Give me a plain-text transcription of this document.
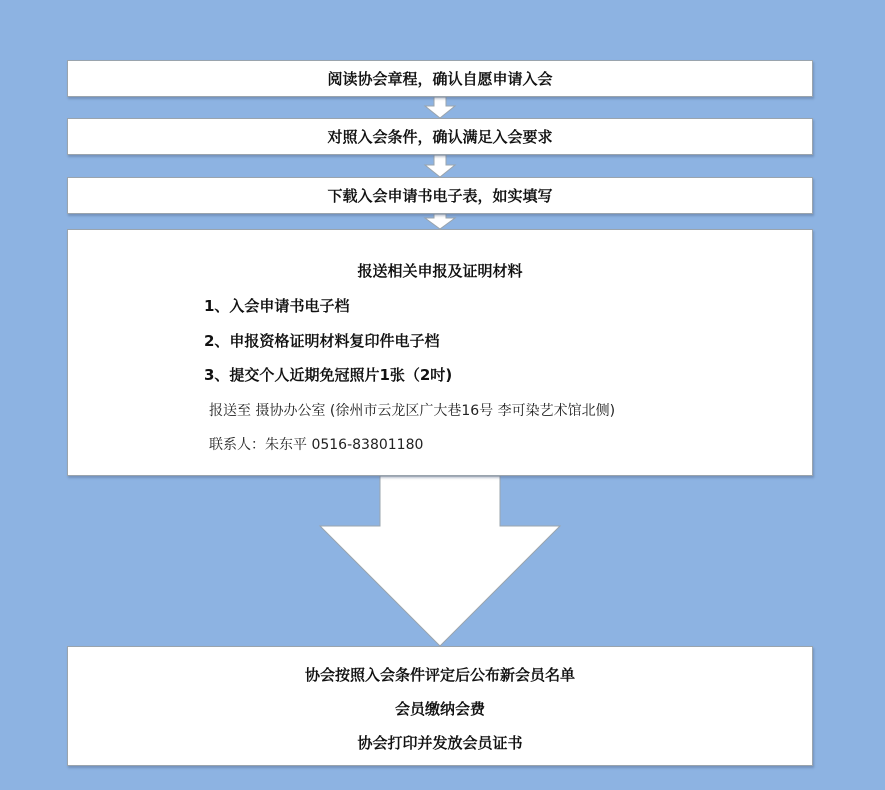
阅读协会章程，确认自愿申请入会
对照入会条件，确认满足入会要求
下载入会申请书电子表，如实填写
报送相关申报及证明材料
1、入会申请书电子档
2、申报资格证明材料复印件电子档
3、提交个人近期免冠照片1张（2吋)
报送至 摄协办公室 (徐州市云龙区广大巷16号 李可染艺术馆北侧)
联系人：朱东平 0516-83801180
协会按照入会条件评定后公布新会员名单
会员缴纳会费
协会打印并发放会员证书
